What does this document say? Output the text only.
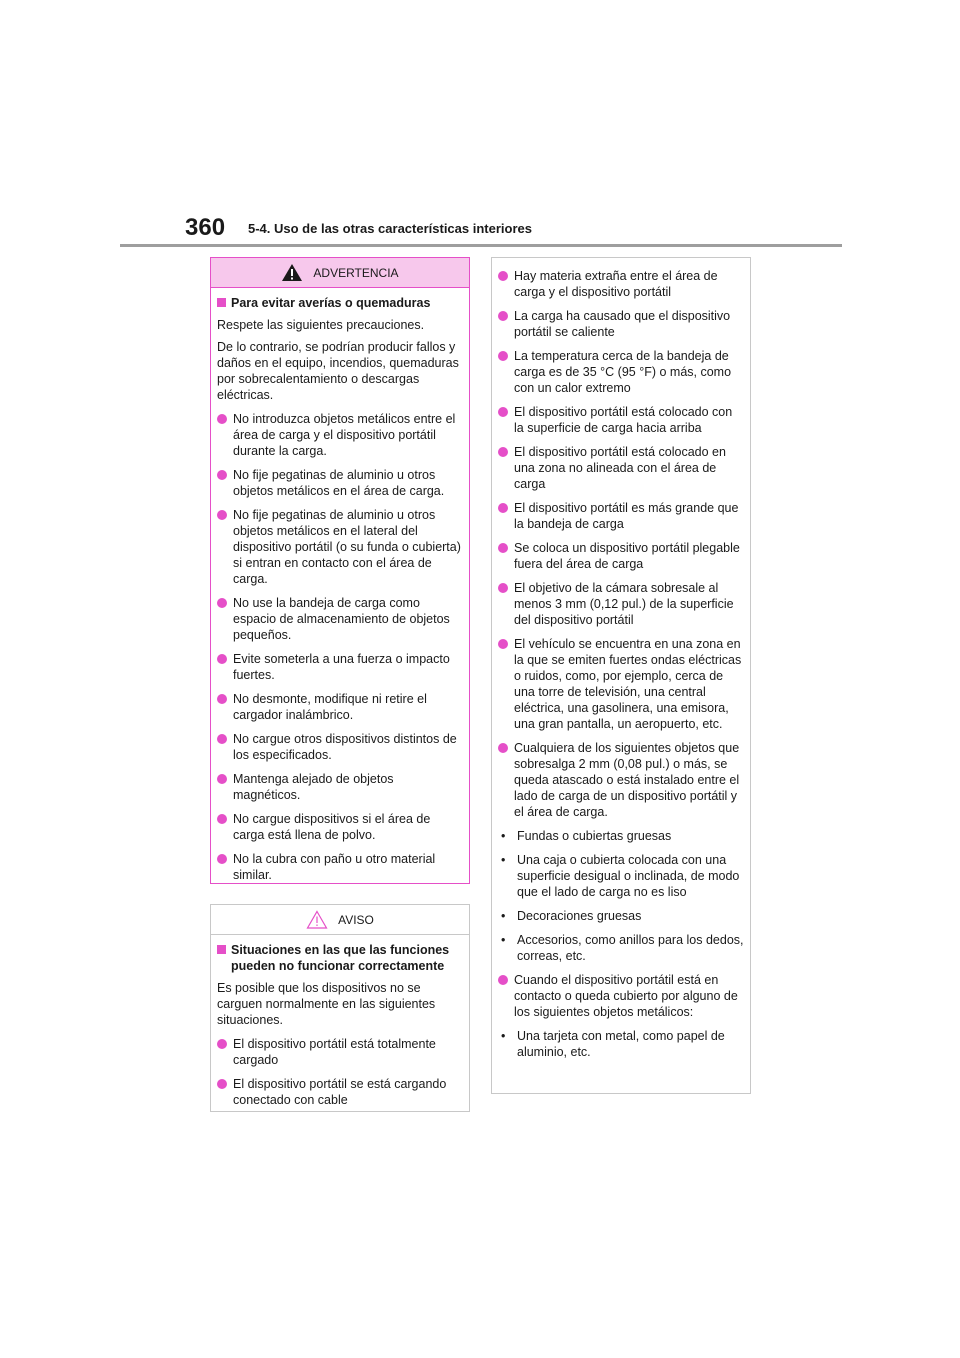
360 5-4. Uso de las otras características interiores
ADVERTENCIA
Para evitar averías o quemaduras
Respete las siguientes precauciones.
De lo contrario, se podrían producir fallos y daños en el equipo, incendios, quemaduras por sobrecalentamiento o descargas eléctricas.
No introduzca objetos metálicos entre el área de carga y el dispositivo portátil durante la carga.
No fije pegatinas de aluminio u otros objetos metálicos en el área de carga.
No fije pegatinas de aluminio u otros objetos metálicos en el lateral del dispositivo portátil (o su funda o cubierta) si entran en contacto con el área de carga.
No use la bandeja de carga como espacio de almacenamiento de objetos pequeños.
Evite someterla a una fuerza o impacto fuertes.
No desmonte, modifique ni retire el cargador inalámbrico.
No cargue otros dispositivos distintos de los especificados.
Mantenga alejado de objetos magnéticos.
No cargue dispositivos si el área de carga está llena de polvo.
No la cubra con paño u otro material similar.
AVISO
Situaciones en las que las funciones pueden no funcionar correctamente
Es posible que los dispositivos no se carguen normalmente en las siguientes situaciones.
El dispositivo portátil está totalmente cargado
El dispositivo portátil se está cargando conectado con cable
Hay materia extraña entre el área de carga y el dispositivo portátil
La carga ha causado que el dispositivo portátil se caliente
La temperatura cerca de la bandeja de carga es de 35 °C (95 °F) o más, como con un calor extremo
El dispositivo portátil está colocado con la superficie de carga hacia arriba
El dispositivo portátil está colocado en una zona no alineada con el área de carga
El dispositivo portátil es más grande que la bandeja de carga
Se coloca un dispositivo portátil plegable fuera del área de carga
El objetivo de la cámara sobresale al menos 3 mm (0,12 pul.) de la superficie del dispositivo portátil
El vehículo se encuentra en una zona en la que se emiten fuertes ondas eléctricas o ruidos, como, por ejemplo, cerca de una torre de televisión, una central eléctrica, una gasolinera, una emisora, una gran pantalla, un aeropuerto, etc.
Cualquiera de los siguientes objetos que sobresalga 2 mm (0,08 pul.) o más, se queda atascado o está instalado entre el lado de carga de un dispositivo portátil y el área de carga.
• Fundas o cubiertas gruesas
• Una caja o cubierta colocada con una superficie desigual o inclinada, de modo que el lado de carga no es liso
• Decoraciones gruesas
• Accesorios, como anillos para los dedos, correas, etc.
Cuando el dispositivo portátil está en contacto o queda cubierto por alguno de los siguientes objetos metálicos:
• Una tarjeta con metal, como papel de aluminio, etc.
